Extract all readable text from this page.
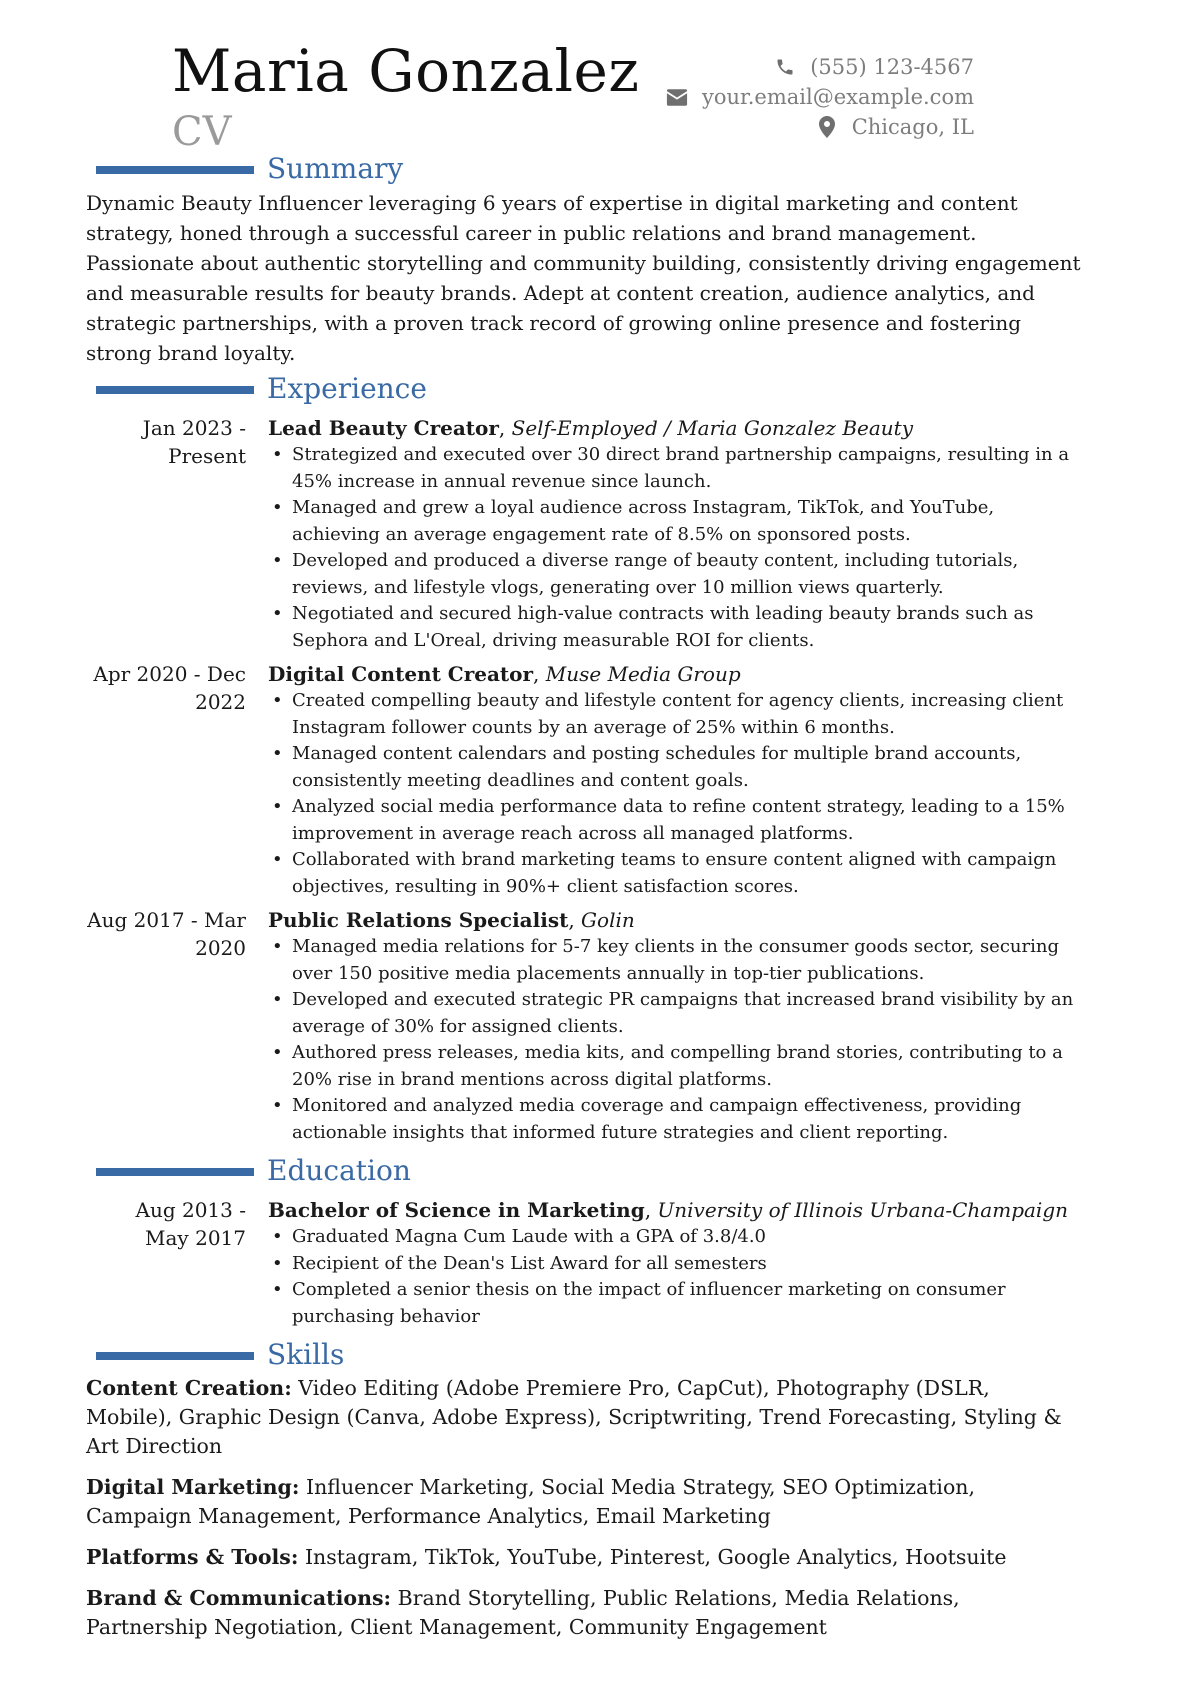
Maria Gonzalez
CV
(555) 123-4567
your.email@example.com
Chicago, IL
Summary

Dynamic Beauty Influencer leveraging 6 years of expertise in digital marketing and content strategy, honed through a successful career in public relations and brand management. Passionate about authentic storytelling and community building, consistently driving engagement and measurable results for beauty brands. Adept at content creation, audience analytics, and strategic partnerships, with a proven track record of growing online presence and fostering strong brand loyalty.

Experience
Jan 2023 - Present
Lead Beauty Creator, Self-Employed / Maria Gonzalez Beauty
• Strategized and executed over 30 direct brand partnership campaigns, resulting in a 45% increase in annual revenue since launch.
• Managed and grew a loyal audience across Instagram, TikTok, and YouTube, achieving an average engagement rate of 8.5% on sponsored posts.
• Developed and produced a diverse range of beauty content, including tutorials, reviews, and lifestyle vlogs, generating over 10 million views quarterly.
• Negotiated and secured high-value contracts with leading beauty brands such as Sephora and L'Oreal, driving measurable ROI for clients.
Apr 2020 - Dec 2022
Digital Content Creator, Muse Media Group
• Created compelling beauty and lifestyle content for agency clients, increasing client Instagram follower counts by an average of 25% within 6 months.
• Managed content calendars and posting schedules for multiple brand accounts, consistently meeting deadlines and content goals.
• Analyzed social media performance data to refine content strategy, leading to a 15% improvement in average reach across all managed platforms.
• Collaborated with brand marketing teams to ensure content aligned with campaign objectives, resulting in 90%+ client satisfaction scores.
Aug 2017 - Mar 2020
Public Relations Specialist, Golin
• Managed media relations for 5-7 key clients in the consumer goods sector, securing over 150 positive media placements annually in top-tier publications.
• Developed and executed strategic PR campaigns that increased brand visibility by an average of 30% for assigned clients.
• Authored press releases, media kits, and compelling brand stories, contributing to a 20% rise in brand mentions across digital platforms.
• Monitored and analyzed media coverage and campaign effectiveness, providing actionable insights that informed future strategies and client reporting.
Education
Aug 2013 - May 2017
Bachelor of Science in Marketing, University of Illinois Urbana-Champaign
• Graduated Magna Cum Laude with a GPA of 3.8/4.0
• Recipient of the Dean's List Award for all semesters
• Completed a senior thesis on the impact of influencer marketing on consumer purchasing behavior
Skills

Content Creation: Video Editing (Adobe Premiere Pro, CapCut), Photography (DSLR, Mobile), Graphic Design (Canva, Adobe Express), Scriptwriting, Trend Forecasting, Styling & Art Direction

Digital Marketing: Influencer Marketing, Social Media Strategy, SEO Optimization, Campaign Management, Performance Analytics, Email Marketing

Platforms & Tools: Instagram, TikTok, YouTube, Pinterest, Google Analytics, Hootsuite

Brand & Communications: Brand Storytelling, Public Relations, Media Relations, Partnership Negotiation, Client Management, Community Engagement
